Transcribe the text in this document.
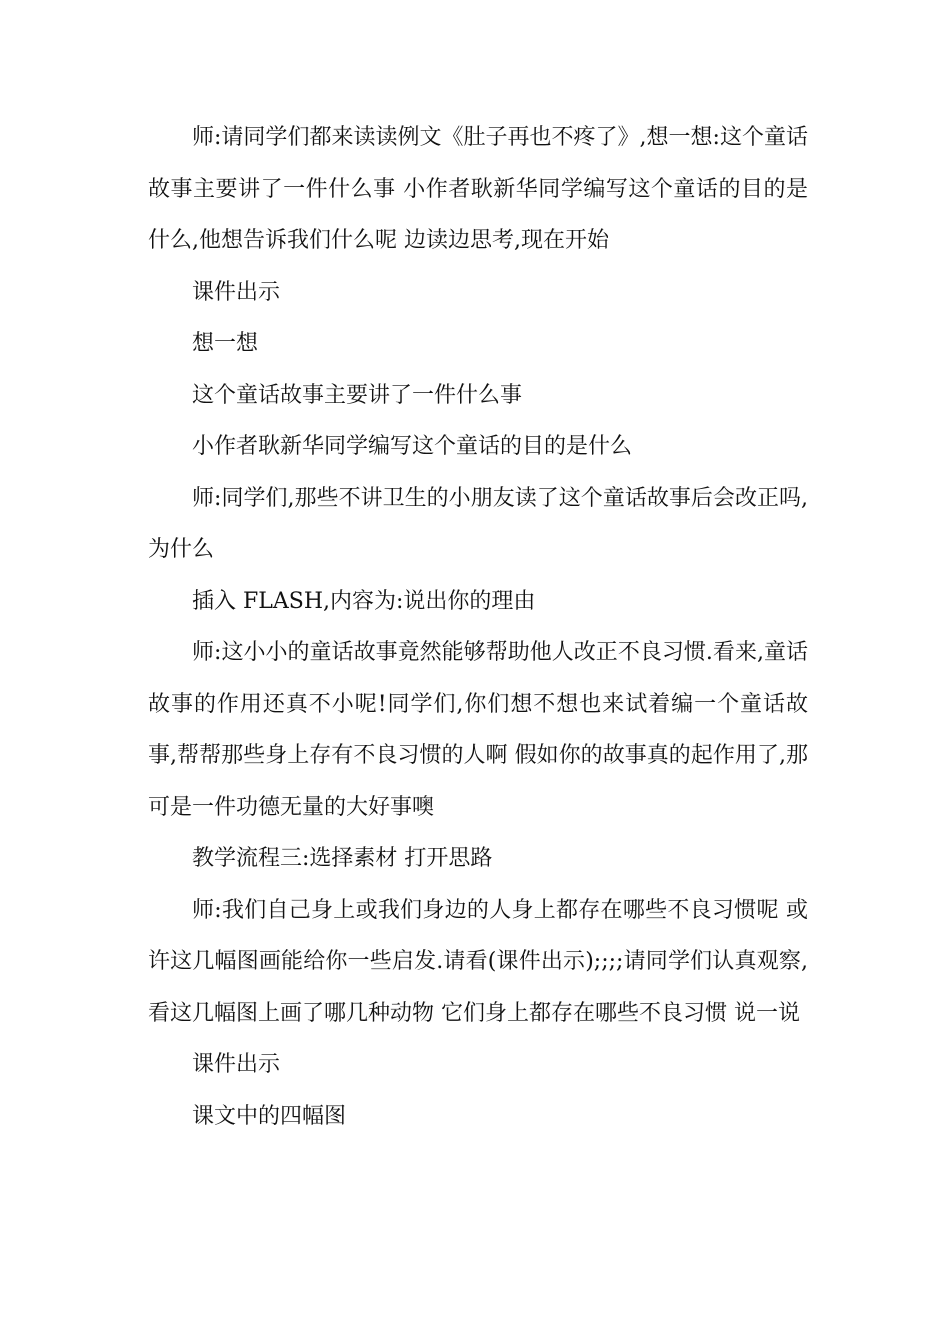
师:请同学们都来读读例文《肚子再也不疼了》,想一想:这个童话故事主要讲了一件什么事 小作者耿新华同学编写这个童话的目的是什么,他想告诉我们什么呢 边读边思考,现在开始

课件出示

想一想

这个童话故事主要讲了一件什么事

小作者耿新华同学编写这个童话的目的是什么

师:同学们,那些不讲卫生的小朋友读了这个童话故事后会改正吗,为什么

插入 FLASH,内容为:说出你的理由

师:这小小的童话故事竟然能够帮助他人改正不良习惯.看来,童话故事的作用还真不小呢!同学们,你们想不想也来试着编一个童话故事,帮帮那些身上存有不良习惯的人啊 假如你的故事真的起作用了,那可是一件功德无量的大好事噢

教学流程三:选择素材 打开思路

师:我们自己身上或我们身边的人身上都存在哪些不良习惯呢 或许这几幅图画能给你一些启发.请看(课件出示);;;;请同学们认真观察,看这几幅图上画了哪几种动物 它们身上都存在哪些不良习惯 说一说

课件出示

课文中的四幅图
